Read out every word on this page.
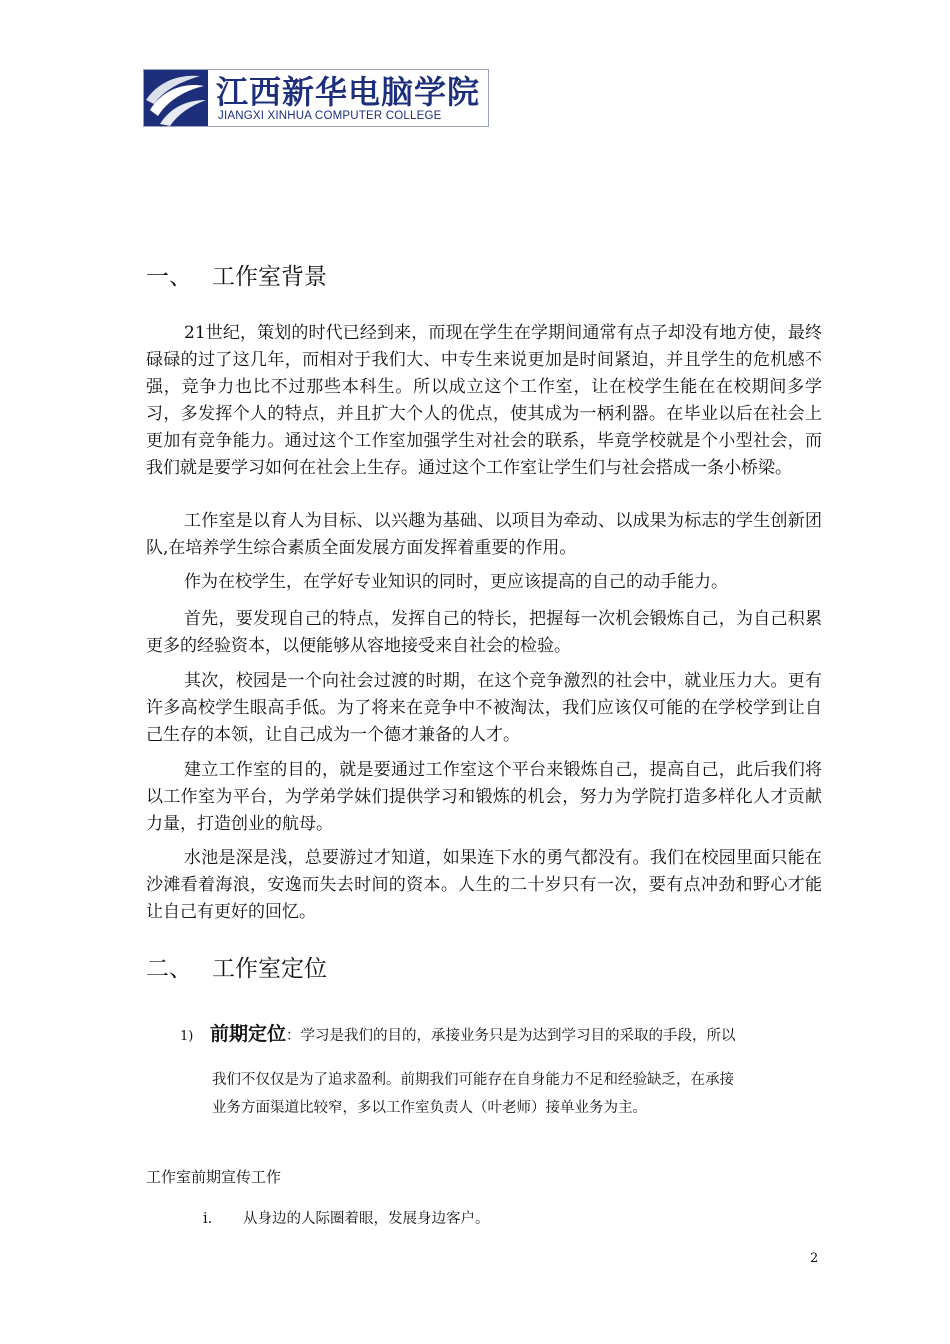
江西新华电脑学院
JIANGXI XINHUA COMPUTER COLLEGE
一、 工作室背景

21世纪，策划的时代已经到来，而现在学生在学期间通常有点子却没有地方使，最终碌碌的过了这几年，而相对于我们大、中专生来说更加是时间紧迫，并且学生的危机感不强，竞争力也比不过那些本科生。所以成立这个工作室，让在校学生能在在校期间多学习，多发挥个人的特点，并且扩大个人的优点，使其成为一柄利器。在毕业以后在社会上更加有竞争能力。通过这个工作室加强学生对社会的联系，毕竟学校就是个小型社会，而我们就是要学习如何在社会上生存。通过这个工作室让学生们与社会搭成一条小桥梁。

工作室是以育人为目标、以兴趣为基础、以项目为牵动、以成果为标志的学生创新团队,在培养学生综合素质全面发展方面发挥着重要的作用。

作为在校学生，在学好专业知识的同时，更应该提高的自己的动手能力。

首先，要发现自己的特点，发挥自己的特长，把握每一次机会锻炼自己，为自己积累更多的经验资本，以便能够从容地接受来自社会的检验。

其次，校园是一个向社会过渡的时期，在这个竞争激烈的社会中，就业压力大。更有许多高校学生眼高手低。为了将来在竞争中不被淘汰，我们应该仅可能的在学校学到让自己生存的本领，让自己成为一个德才兼备的人才。

建立工作室的目的，就是要通过工作室这个平台来锻炼自己，提高自己，此后我们将以工作室为平台，为学弟学妹们提供学习和锻炼的机会，努力为学院打造多样化人才贡献力量，打造创业的航母。

水池是深是浅，总要游过才知道，如果连下水的勇气都没有。我们在校园里面只能在沙滩看着海浪，安逸而失去时间的资本。人生的二十岁只有一次，要有点冲劲和野心才能让自己有更好的回忆。

二、 工作室定位
1) 前期定位：学习是我们的目的，承接业务只是为达到学习目的采取的手段，所以

我们不仅仅是为了追求盈利。前期我们可能存在自身能力不足和经验缺乏，在承接

业务方面渠道比较窄，多以工作室负责人（叶老师）接单业务为主。

工作室前期宣传工作
i. 从身边的人际圈着眼，发展身边客户。
2
